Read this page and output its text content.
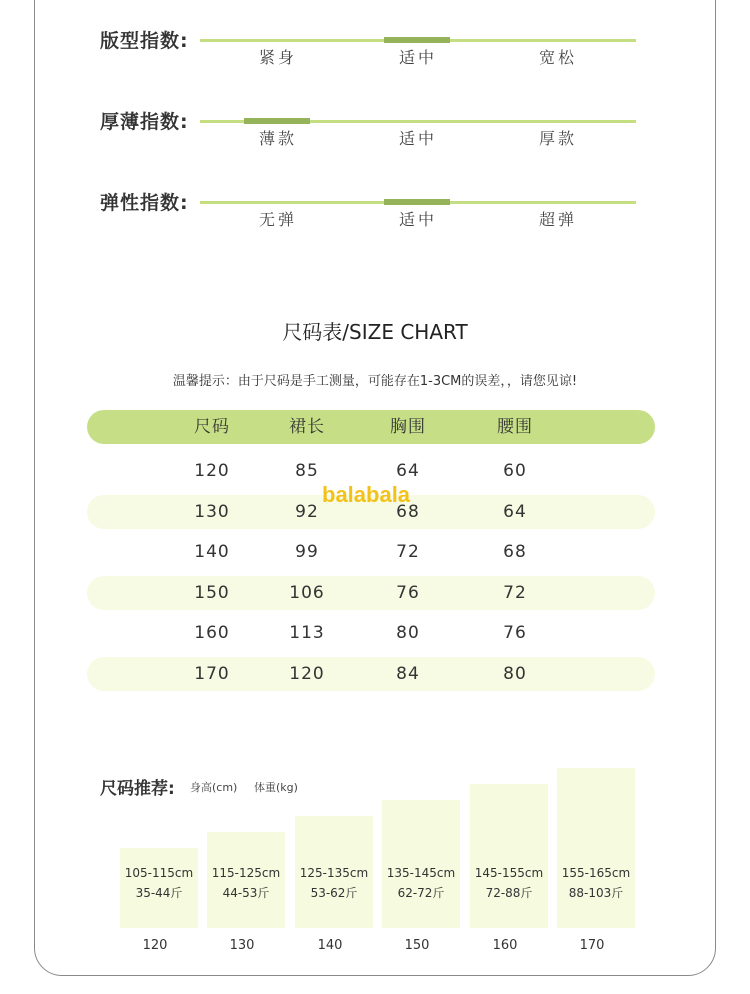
版型指数:
紧身	适中	宽松
厚薄指数:
薄款	适中	厚款
弹性指数:
无弹	适中	超弹
尺码表/SIZE CHART
温馨提示：由于尺码是手工测量，可能存在1-3CM的误差，，请您见谅!
尺码	裙长	胸围	腰围
120	85	64	60
130	92	68	64
140	99	72	68
150	106	76	72
160	113	80	76
170	120	84	80
balabala
尺码推荐: 身高(cm) 体重(kg)
105-115cm
35-44斤
115-125cm
44-53斤
125-135cm
53-62斤
135-145cm
62-72斤
145-155cm
72-88斤
155-165cm
88-103斤
120	130	140	150	160	170
